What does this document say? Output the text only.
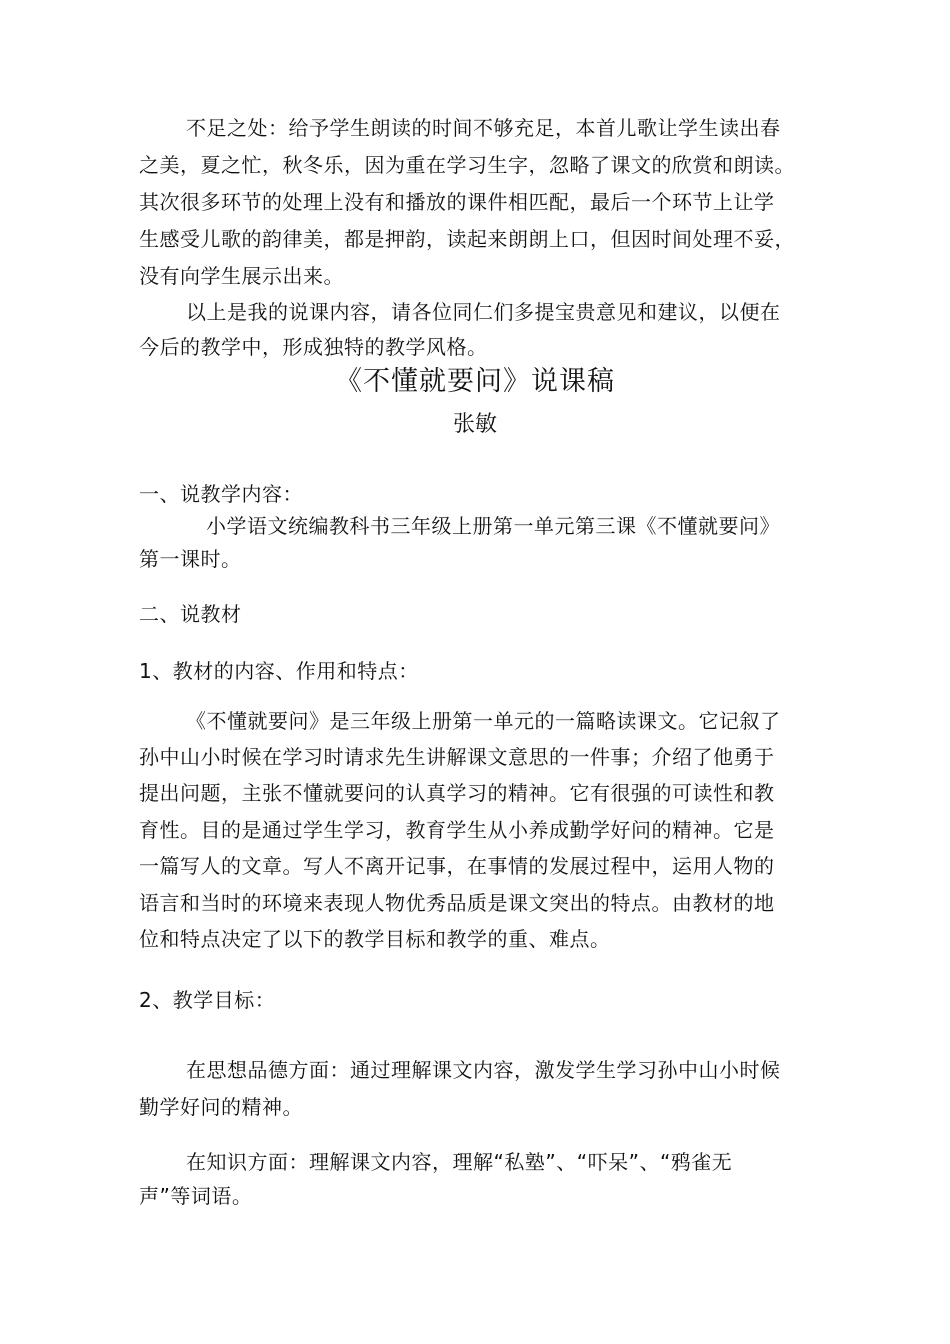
不足之处：给予学生朗读的时间不够充足，本首儿歌让学生读出春
之美，夏之忙，秋冬乐，因为重在学习生字，忽略了课文的欣赏和朗读。
其次很多环节的处理上没有和播放的课件相匹配，最后一个环节上让学
生感受儿歌的韵律美，都是押韵，读起来朗朗上口，但因时间处理不妥，
没有向学生展示出来。
以上是我的说课内容，请各位同仁们多提宝贵意见和建议，以便在
今后的教学中，形成独特的教学风格。
《不懂就要问》说课稿
张敏
一、说教学内容：
小学语文统编教科书三年级上册第一单元第三课《不懂就要问》
第一课时。
二、说教材
1、教材的内容、作用和特点：
《不懂就要问》是三年级上册第一单元的一篇略读课文。它记叙了
孙中山小时候在学习时请求先生讲解课文意思的一件事；介绍了他勇于
提出问题，主张不懂就要问的认真学习的精神。它有很强的可读性和教
育性。目的是通过学生学习，教育学生从小养成勤学好问的精神。它是
一篇写人的文章。写人不离开记事，在事情的发展过程中，运用人物的
语言和当时的环境来表现人物优秀品质是课文突出的特点。由教材的地
位和特点决定了以下的教学目标和教学的重、难点。
2、教学目标：
在思想品德方面：通过理解课文内容，激发学生学习孙中山小时候
勤学好问的精神。
在知识方面：理解课文内容，理解“私塾”、“吓呆”、“鸦雀无
声”等词语。
